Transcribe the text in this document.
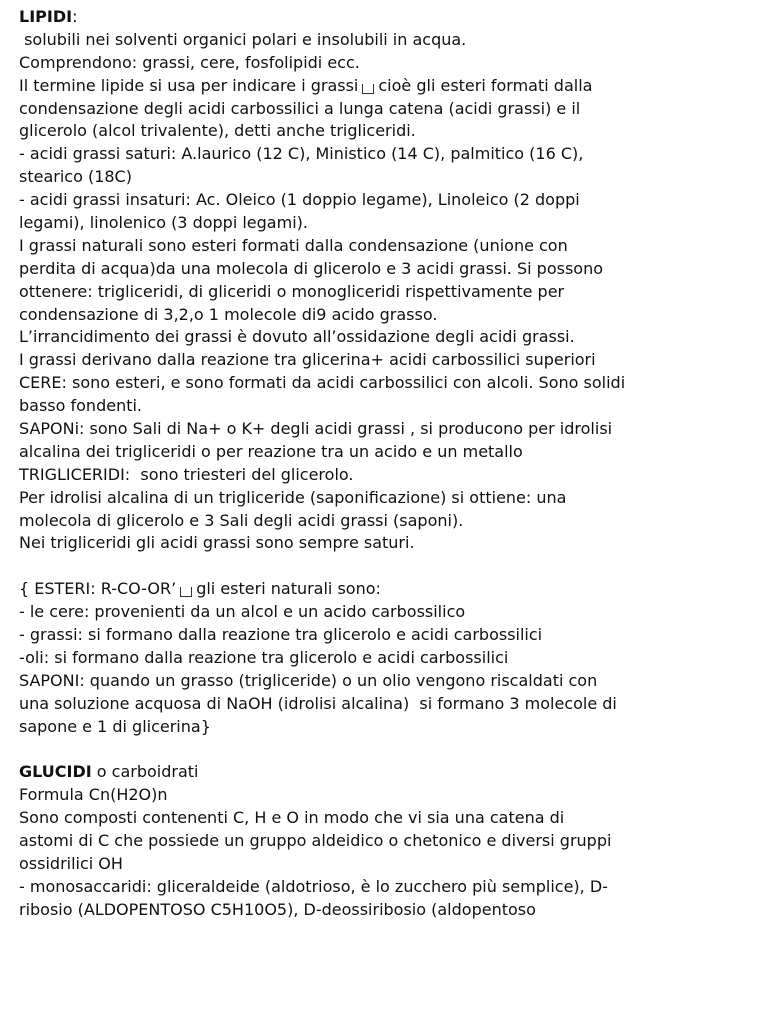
LIPIDI:
solubili nei solventi organici polari e insolubili in acqua.
Comprendono: grassi, cere, fosfolipidi ecc.
Il termine lipide si usa per indicare i grassi cioè gli esteri formati dalla
condensazione degli acidi carbossilici a lunga catena (acidi grassi) e il
glicerolo (alcol trivalente), detti anche trigliceridi.
- acidi grassi saturi: A.laurico (12 C), Ministico (14 C), palmitico (16 C),
stearico (18C)
- acidi grassi insaturi: Ac. Oleico (1 doppio legame), Linoleico (2 doppi
legami), linolenico (3 doppi legami).
I grassi naturali sono esteri formati dalla condensazione (unione con
perdita di acqua)da una molecola di glicerolo e 3 acidi grassi. Si possono
ottenere: trigliceridi, di gliceridi o monogliceridi rispettivamente per
condensazione di 3,2,o 1 molecole di9 acido grasso.
L’irrancidimento dei grassi è dovuto all’ossidazione degli acidi grassi.
I grassi derivano dalla reazione tra glicerina+ acidi carbossilici superiori
CERE: sono esteri, e sono formati da acidi carbossilici con alcoli. Sono solidi
basso fondenti.
SAPONi: sono Sali di Na+ o K+ degli acidi grassi , si producono per idrolisi
alcalina dei trigliceridi o per reazione tra un acido e un metallo
TRIGLICERIDI:  sono triesteri del glicerolo.
Per idrolisi alcalina di un trigliceride (saponificazione) si ottiene: una
molecola di glicerolo e 3 Sali degli acidi grassi (saponi).
Nei trigliceridi gli acidi grassi sono sempre saturi.
{ ESTERI: R-CO-OR’ gli esteri naturali sono:
- le cere: provenienti da un alcol e un acido carbossilico
- grassi: si formano dalla reazione tra glicerolo e acidi carbossilici
-oli: si formano dalla reazione tra glicerolo e acidi carbossilici
SAPONI: quando un grasso (trigliceride) o un olio vengono riscaldati con
una soluzione acquosa di NaOH (idrolisi alcalina)  si formano 3 molecole di
sapone e 1 di glicerina}
GLUCIDI o carboidrati
Formula Cn(H2O)n
Sono composti contenenti C, H e O in modo che vi sia una catena di
astomi di C che possiede un gruppo aldeidico o chetonico e diversi gruppi
ossidrilici OH
- monosaccaridi: gliceraldeide (aldotrioso, è lo zucchero più semplice), D-
ribosio (ALDOPENTOSO C5H10O5), D-deossiribosio (aldopentoso
